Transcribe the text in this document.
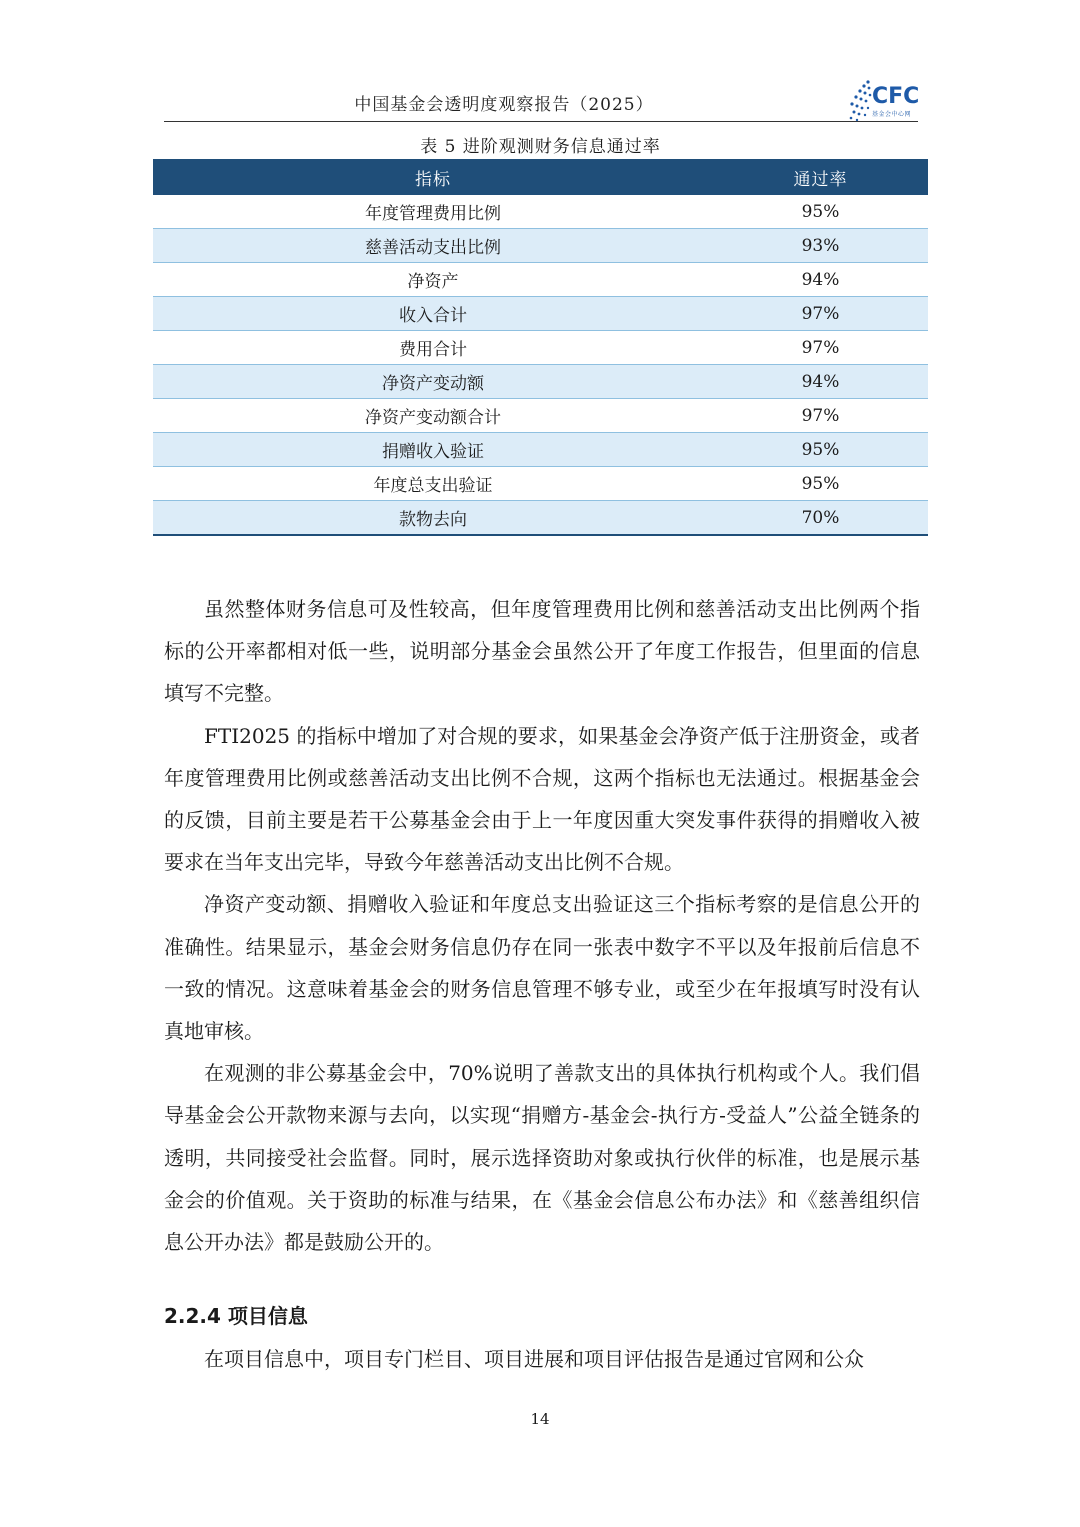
中国基金会透明度观察报告（2025）	CFC
基金会中心网
表 5 进阶观测财务信息通过率
指标	通过率
年度管理费用比例	95%
慈善活动支出比例	93%
净资产	94%
收入合计	97%
费用合计	97%
净资产变动额	94%
净资产变动额合计	97%
捐赠收入验证	95%
年度总支出验证	95%
款物去向	70%

虽然整体财务信息可及性较高，但年度管理费用比例和慈善活动支出比例两个指标的公开率都相对低一些，说明部分基金会虽然公开了年度工作报告，但里面的信息填写不完整。

FTI2025 的指标中增加了对合规的要求，如果基金会净资产低于注册资金，或者年度管理费用比例或慈善活动支出比例不合规，这两个指标也无法通过。根据基金会的反馈，目前主要是若干公募基金会由于上一年度因重大突发事件获得的捐赠收入被要求在当年支出完毕，导致今年慈善活动支出比例不合规。

净资产变动额、捐赠收入验证和年度总支出验证这三个指标考察的是信息公开的准确性。结果显示，基金会财务信息仍存在同一张表中数字不平以及年报前后信息不一致的情况。这意味着基金会的财务信息管理不够专业，或至少在年报填写时没有认真地审核。

在观测的非公募基金会中，70%说明了善款支出的具体执行机构或个人。我们倡导基金会公开款物来源与去向，以实现“捐赠方-基金会-执行方-受益人”公益全链条的透明，共同接受社会监督。同时，展示选择资助对象或执行伙伴的标准，也是展示基金会的价值观。关于资助的标准与结果，在《基金会信息公布办法》和《慈善组织信息公开办法》都是鼓励公开的。

2.2.4 项目信息

在项目信息中，项目专门栏目、项目进展和项目评估报告是通过官网和公众

14
